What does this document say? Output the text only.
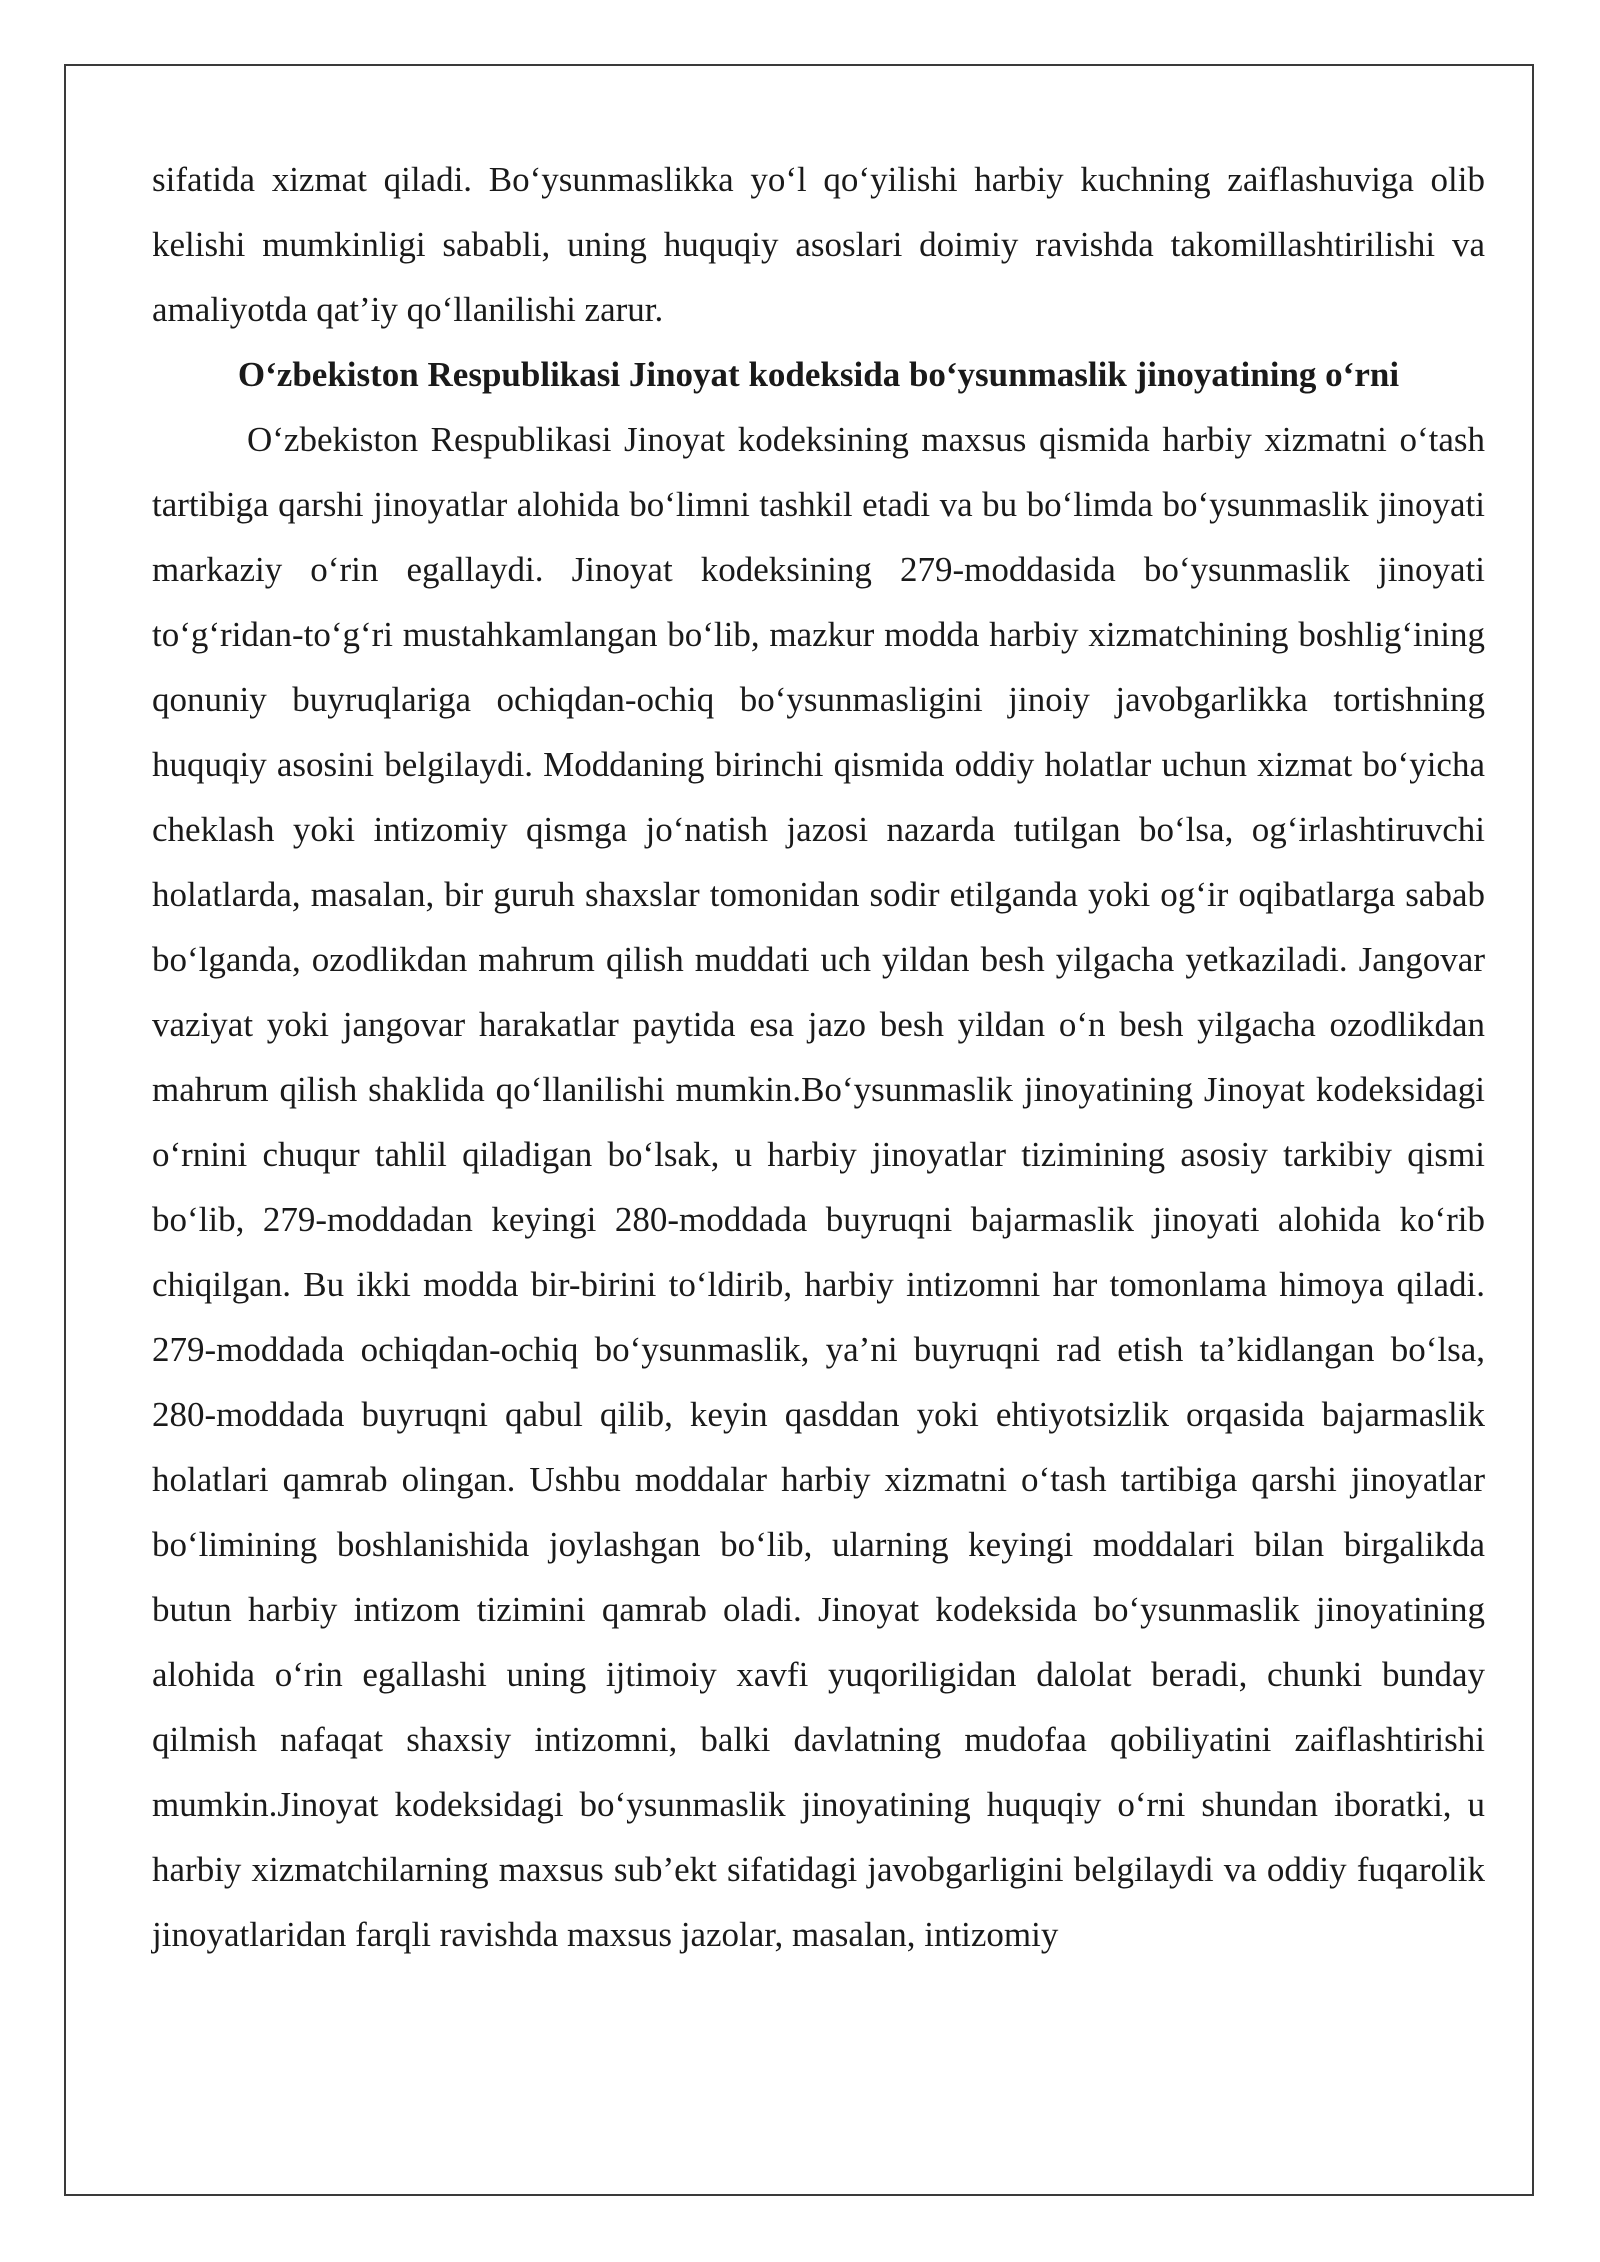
sifatida xizmat qiladi. Bo‘ysunmaslikka yo‘l qo‘yilishi harbiy kuchning zaiflashuviga olib kelishi mumkinligi sababli, uning huquqiy asoslari doimiy ravishda takomillashtirilishi va amaliyotda qat’iy qo‘llanilishi zarur.

O‘zbekiston Respublikasi Jinoyat kodeksida bo‘ysunmaslik jinoyatining o‘rni

O‘zbekiston Respublikasi Jinoyat kodeksining maxsus qismida harbiy xizmatni o‘tash tartibiga qarshi jinoyatlar alohida bo‘limni tashkil etadi va bu bo‘limda bo‘ysunmaslik jinoyati markaziy o‘rin egallaydi. Jinoyat kodeksining 279-moddasida bo‘ysunmaslik jinoyati to‘g‘ridan-to‘g‘ri mustahkamlangan bo‘lib, mazkur modda harbiy xizmatchining boshlig‘ining qonuniy buyruqlariga ochiqdan-ochiq bo‘ysunmasligini jinoiy javobgarlikka tortishning huquqiy asosini belgilaydi. Moddaning birinchi qismida oddiy holatlar uchun xizmat bo‘yicha cheklash yoki intizomiy qismga jo‘natish jazosi nazarda tutilgan bo‘lsa, og‘irlashtiruvchi holatlarda, masalan, bir guruh shaxslar tomonidan sodir etilganda yoki og‘ir oqibatlarga sabab bo‘lganda, ozodlikdan mahrum qilish muddati uch yildan besh yilgacha yetkaziladi. Jangovar vaziyat yoki jangovar harakatlar paytida esa jazo besh yildan o‘n besh yilgacha ozodlikdan mahrum qilish shaklida qo‘llanilishi mumkin.Bo‘ysunmaslik jinoyatining Jinoyat kodeksidagi o‘rnini chuqur tahlil qiladigan bo‘lsak, u harbiy jinoyatlar tizimining asosiy tarkibiy qismi bo‘lib, 279-moddadan keyingi 280-moddada buyruqni bajarmaslik jinoyati alohida ko‘rib chiqilgan. Bu ikki modda bir-birini to‘ldirib, harbiy intizomni har tomonlama himoya qiladi. 279-moddada ochiqdan-ochiq bo‘ysunmaslik, ya’ni buyruqni rad etish ta’kidlangan bo‘lsa, 280-moddada buyruqni qabul qilib, keyin qasddan yoki ehtiyotsizlik orqasida bajarmaslik holatlari qamrab olingan. Ushbu moddalar harbiy xizmatni o‘tash tartibiga qarshi jinoyatlar bo‘limining boshlanishida joylashgan bo‘lib, ularning keyingi moddalari bilan birgalikda butun harbiy intizom tizimini qamrab oladi. Jinoyat kodeksida bo‘ysunmaslik jinoyatining alohida o‘rin egallashi uning ijtimoiy xavfi yuqoriligidan dalolat beradi, chunki bunday qilmish nafaqat shaxsiy intizomni, balki davlatning mudofaa qobiliyatini zaiflashtirishi mumkin.Jinoyat kodeksidagi bo‘ysunmaslik jinoyatining huquqiy o‘rni shundan iboratki, u harbiy xizmatchilarning maxsus sub’ekt sifatidagi javobgarligini belgilaydi va oddiy fuqarolik jinoyatlaridan farqli ravishda maxsus jazolar, masalan, intizomiy
